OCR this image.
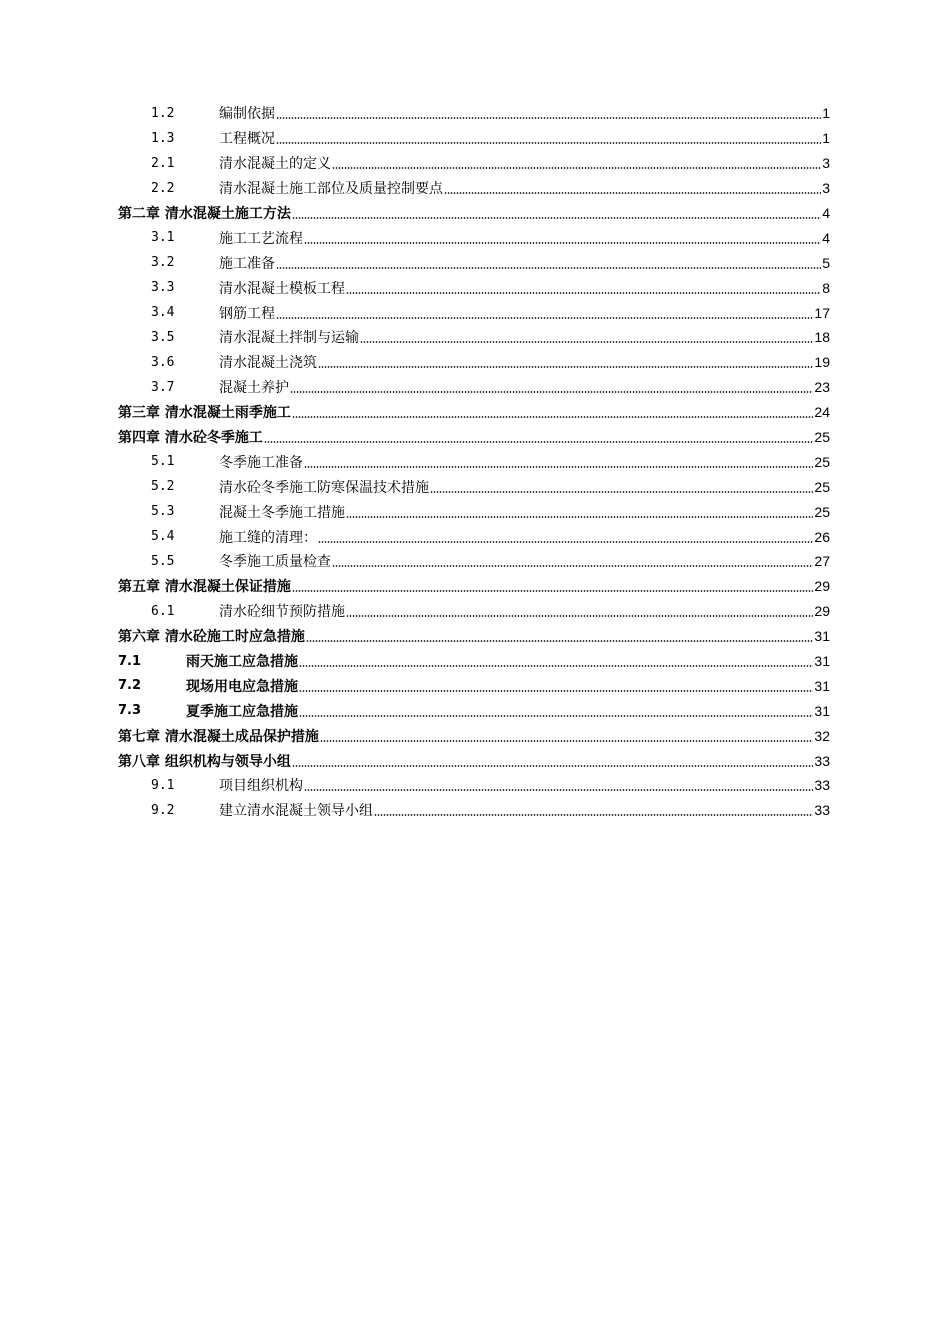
1.2	编制依据	1
1.3	工程概况	1
2.1	清水混凝土的定义	3
2.2	清水混凝土施工部位及质量控制要点	3
第二章 清水混凝土施工方法	4
3.1	施工工艺流程	4
3.2	施工准备	5
3.3	清水混凝土模板工程	8
3.4	钢筋工程	17
3.5	清水混凝土拌制与运输	18
3.6	清水混凝土浇筑	19
3.7	混凝土养护	23
第三章 清水混凝土雨季施工	24
第四章 清水砼冬季施工	25
5.1	冬季施工准备	25
5.2	清水砼冬季施工防寒保温技术措施	25
5.3	混凝土冬季施工措施	25
5.4	施工缝的清理：	26
5.5	冬季施工质量检查	27
第五章 清水混凝土保证措施	29
6.1	清水砼细节预防措施	29
第六章 清水砼施工时应急措施	31
7.1	雨天施工应急措施	31
7.2	现场用电应急措施	31
7.3	夏季施工应急措施	31
第七章 清水混凝土成品保护措施	32
第八章 组织机构与领导小组	33
9.1	项目组织机构	33
9.2	建立清水混凝土领导小组	33
